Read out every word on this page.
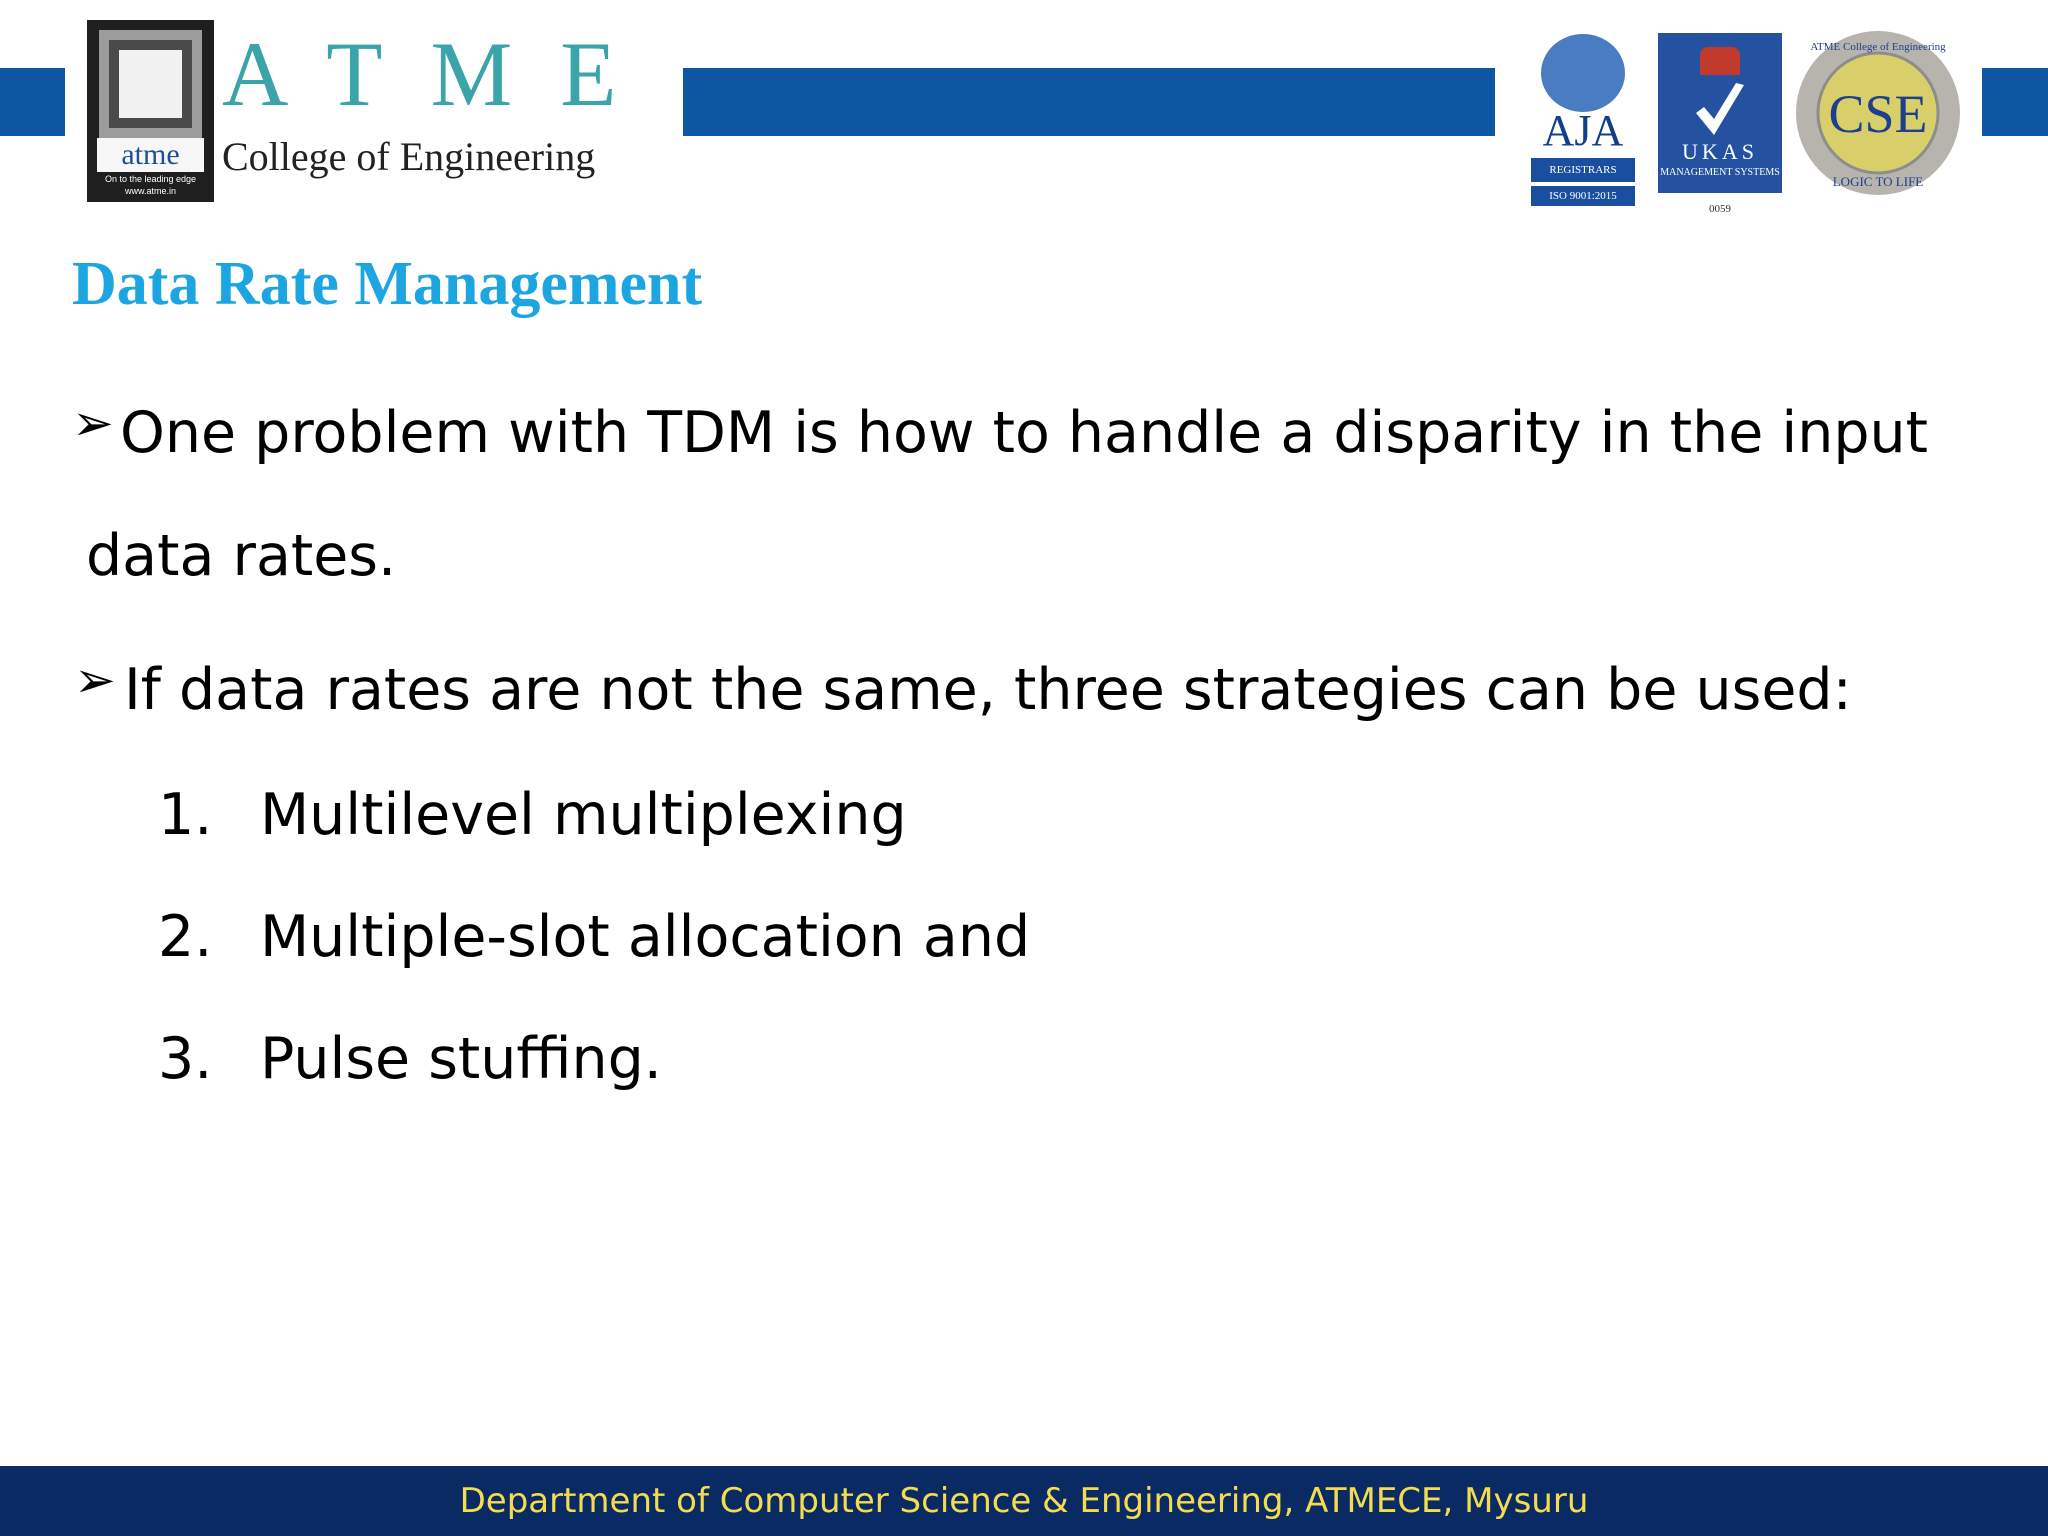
atme
On to the leading edge
www.atme.in
ATME
College of Engineering
AJA
REGISTRARS
ISO 9001:2015
UKAS
MANAGEMENT SYSTEMS
0059
CSE
ATME College of Engineering
LOGIC TO LIFE
Data Rate Management
➢ One problem with TDM is how to handle a disparity in the input
data rates.
➢ If data rates are not the same, three strategies can be used:
1. Multilevel multiplexing
2. Multiple-slot allocation and
3. Pulse stuffing.
Department of Computer Science & Engineering, ATMECE, Mysuru
